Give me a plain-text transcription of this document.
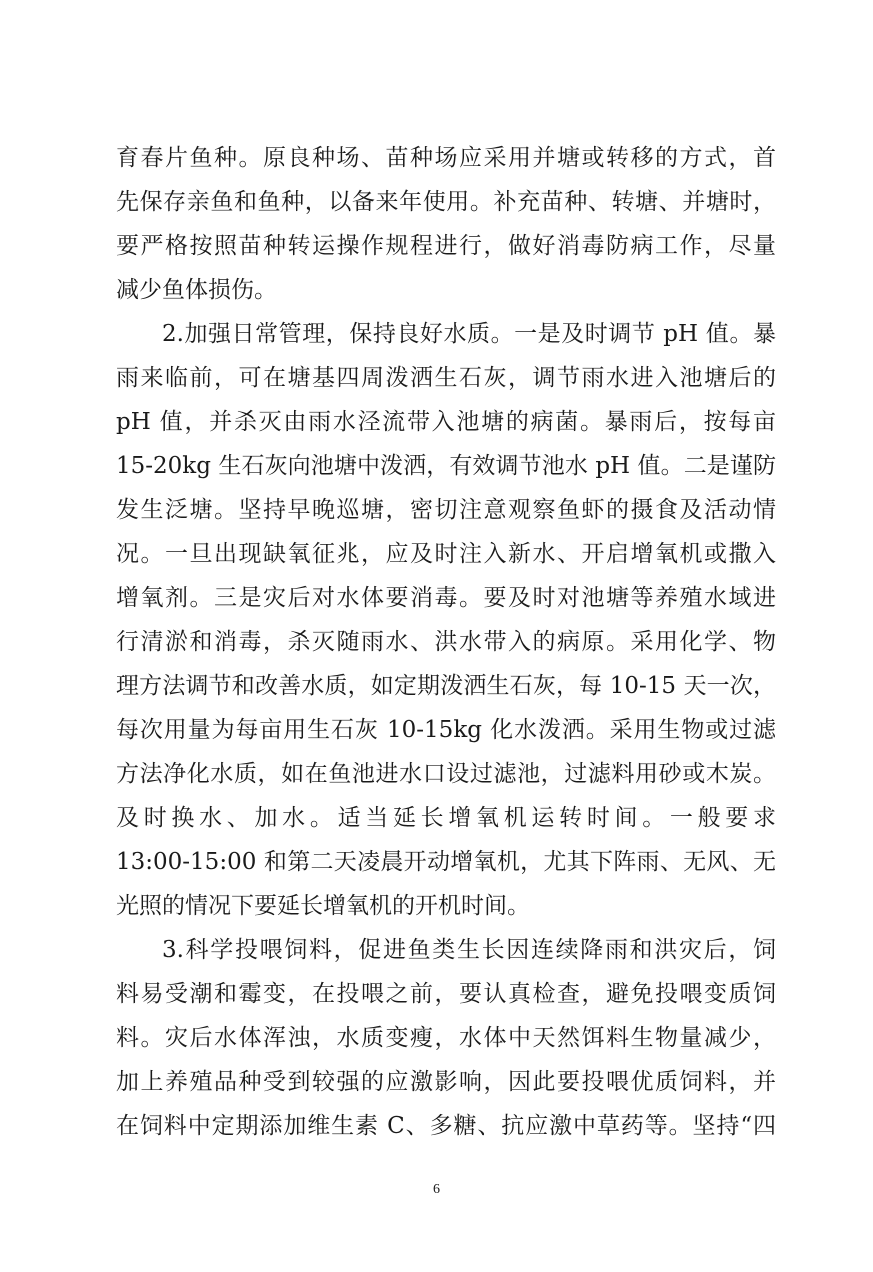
育春片鱼种。原良种场、苗种场应采用并塘或转移的方式，首
先保存亲鱼和鱼种，以备来年使用。补充苗种、转塘、并塘时，
要严格按照苗种转运操作规程进行，做好消毒防病工作，尽量
减少鱼体损伤。
2.加强日常管理，保持良好水质。一是及时调节 pH 值。暴
雨来临前，可在塘基四周泼洒生石灰，调节雨水进入池塘后的
pH 值，并杀灭由雨水泾流带入池塘的病菌。暴雨后，按每亩
15-20kg 生石灰向池塘中泼洒，有效调节池水 pH 值。二是谨防
发生泛塘。坚持早晚巡塘，密切注意观察鱼虾的摄食及活动情
况。一旦出现缺氧征兆，应及时注入新水、开启增氧机或撒入
增氧剂。三是灾后对水体要消毒。要及时对池塘等养殖水域进
行清淤和消毒，杀灭随雨水、洪水带入的病原。采用化学、物
理方法调节和改善水质，如定期泼洒生石灰，每 10-15 天一次，
每次用量为每亩用生石灰 10-15kg 化水泼洒。采用生物或过滤
方法净化水质，如在鱼池进水口设过滤池，过滤料用砂或木炭。
及时换水、加水。适当延长增氧机运转时间。一般要求
13:00-15:00 和第二天凌晨开动增氧机，尤其下阵雨、无风、无
光照的情况下要延长增氧机的开机时间。
3.科学投喂饲料，促进鱼类生长因连续降雨和洪灾后，饲
料易受潮和霉变，在投喂之前，要认真检查，避免投喂变质饲
料。灾后水体浑浊，水质变瘦，水体中天然饵料生物量减少，
加上养殖品种受到较强的应激影响，因此要投喂优质饲料，并
在饲料中定期添加维生素 C、多糖、抗应激中草药等。坚持“四
6
